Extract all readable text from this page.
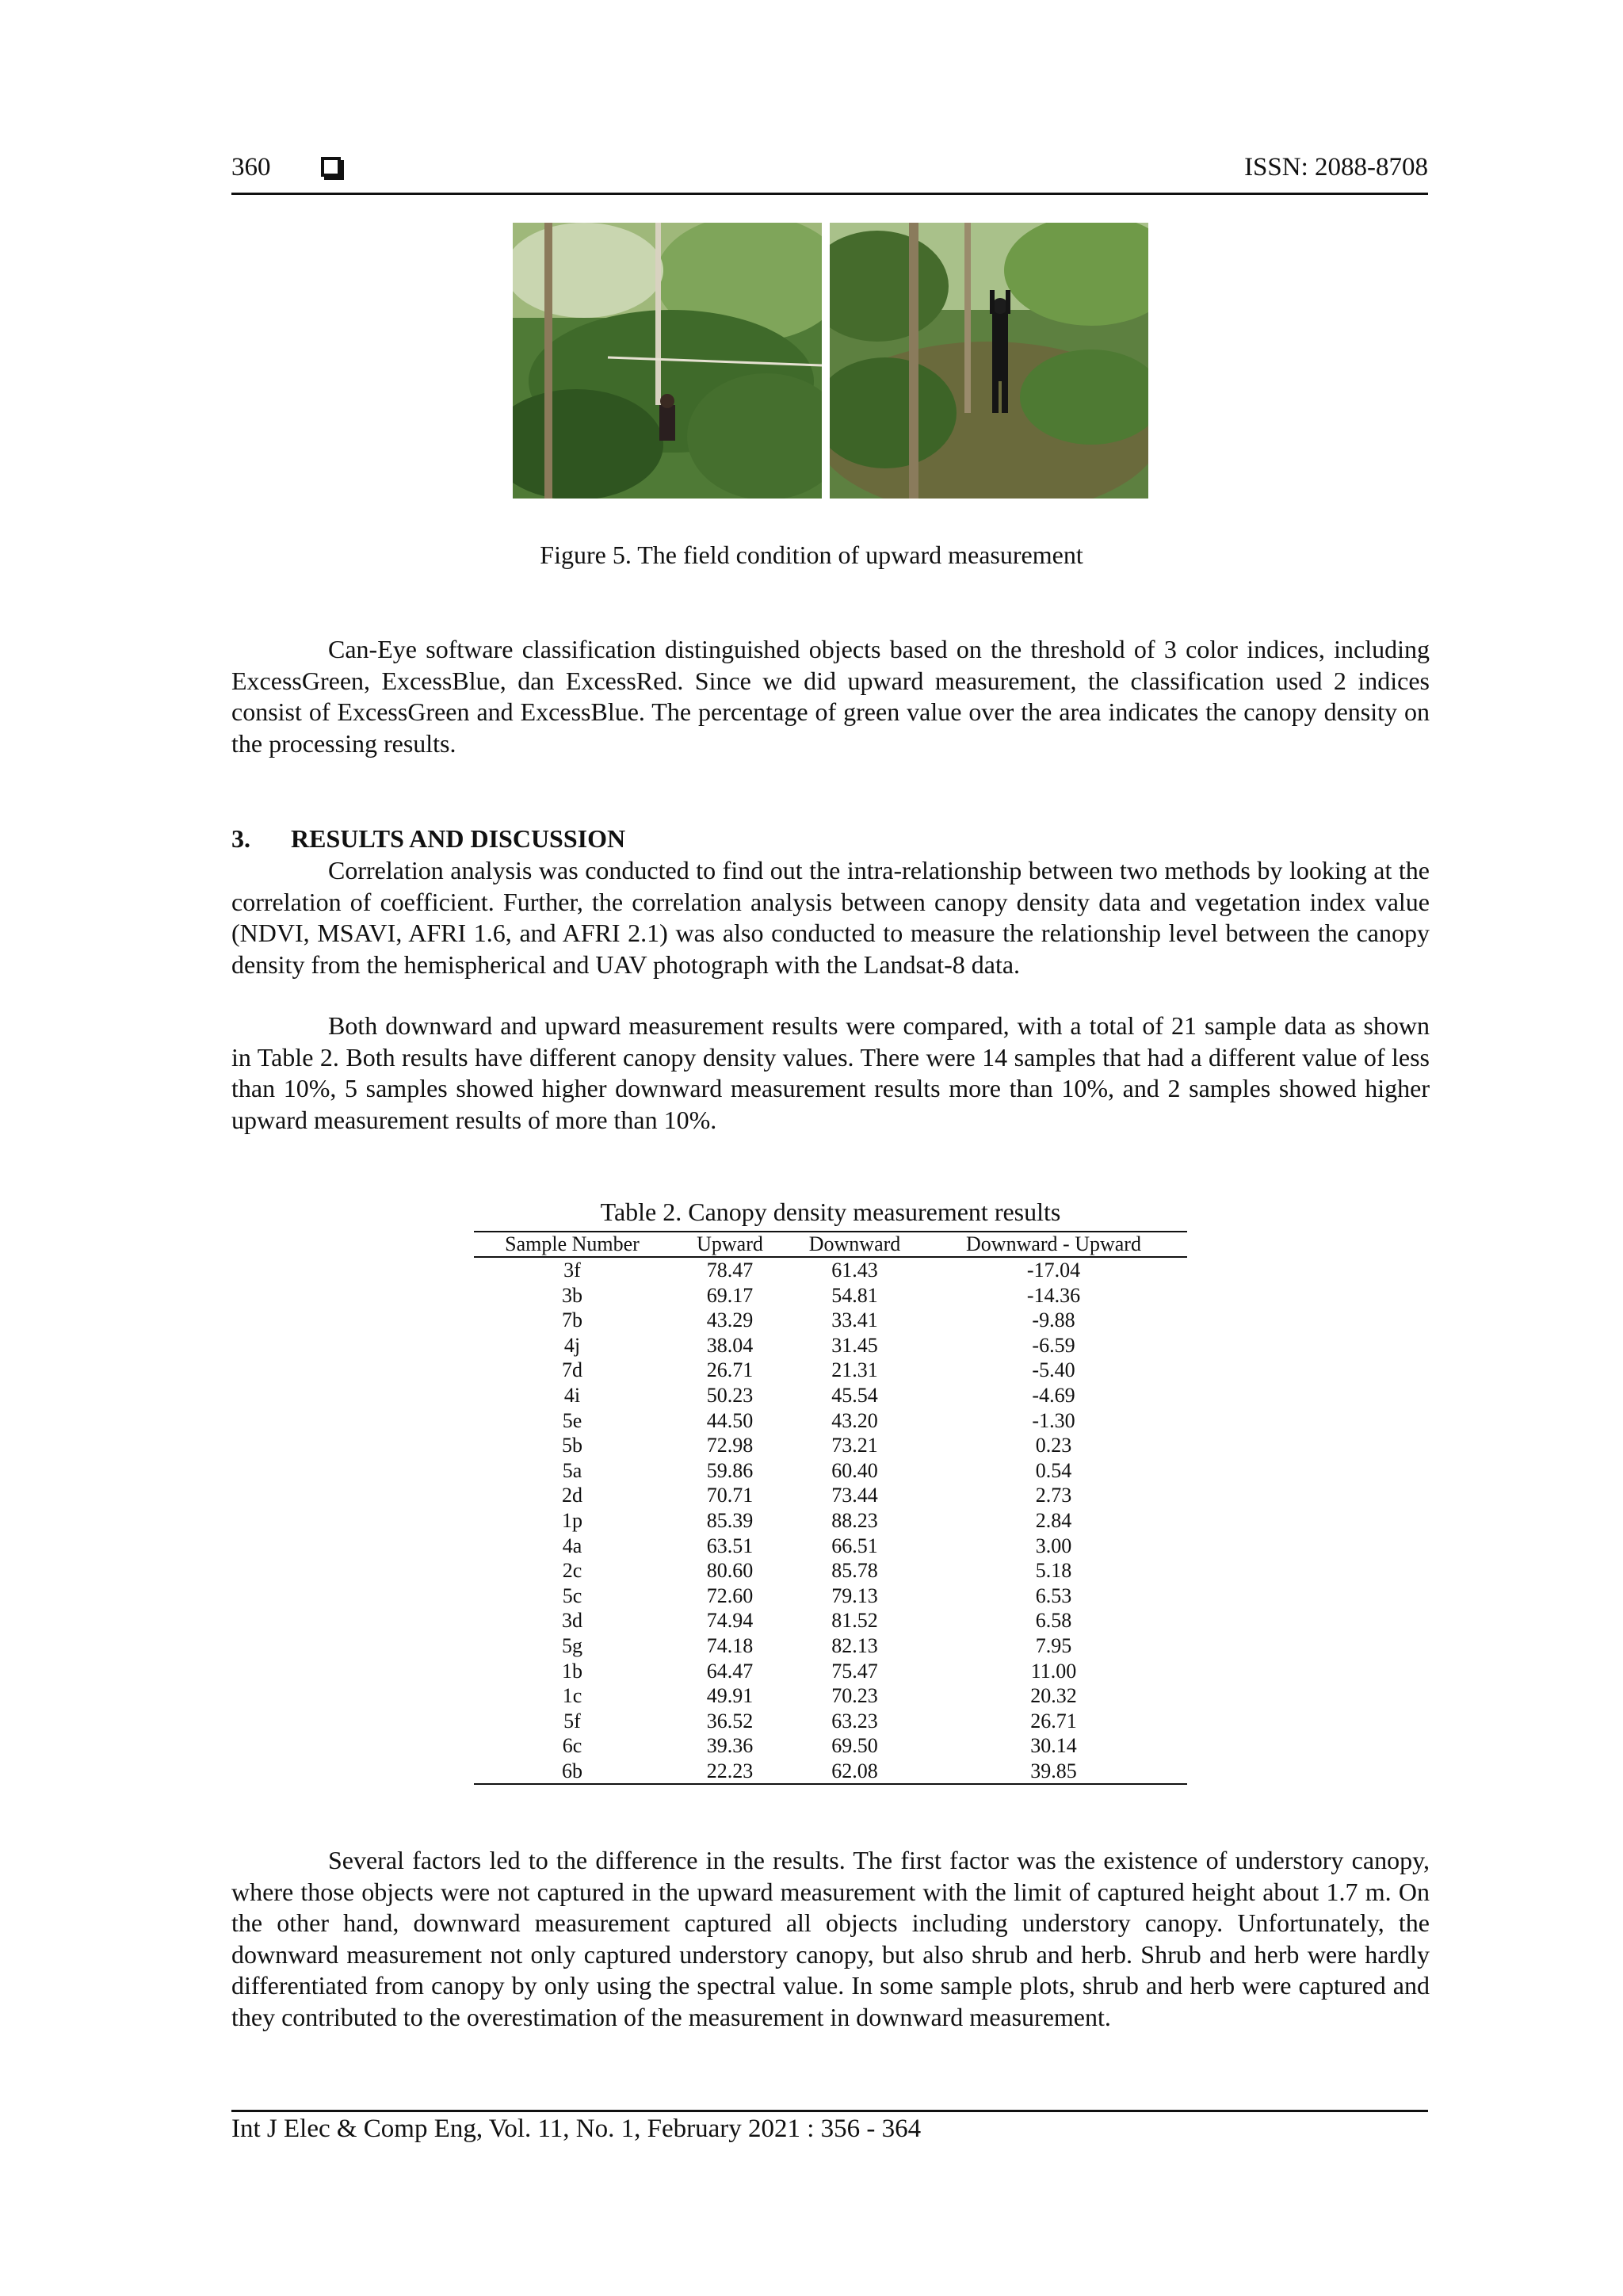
360	ISSN: 2088-8708
Figure 5. The field condition of upward measurement

Can-Eye software classification distinguished objects based on the threshold of 3 color indices, including ExcessGreen, ExcessBlue, dan ExcessRed. Since we did upward measurement, the classification used 2 indices consist of ExcessGreen and ExcessBlue. The percentage of green value over the area indicates the canopy density on the processing results.

3. RESULTS AND DISCUSSION

Correlation analysis was conducted to find out the intra-relationship between two methods by looking at the correlation of coefficient. Further, the correlation analysis between canopy density data and vegetation index value (NDVI, MSAVI, AFRI 1.6, and AFRI 2.1) was also conducted to measure the relationship level between the canopy density from the hemispherical and UAV photograph with the Landsat-8 data.

Both downward and upward measurement results were compared, with a total of 21 sample data as shown in Table 2. Both results have different canopy density values. There were 14 samples that had a different value of less than 10%, 5 samples showed higher downward measurement results more than 10%, and 2 samples showed higher upward measurement results of more than 10%.

Table 2. Canopy density measurement results
Sample Number	Upward	Downward	Downward - Upward
3f	78.47	61.43	-17.04
3b	69.17	54.81	-14.36
7b	43.29	33.41	-9.88
4j	38.04	31.45	-6.59
7d	26.71	21.31	-5.40
4i	50.23	45.54	-4.69
5e	44.50	43.20	-1.30
5b	72.98	73.21	0.23
5a	59.86	60.40	0.54
2d	70.71	73.44	2.73
1p	85.39	88.23	2.84
4a	63.51	66.51	3.00
2c	80.60	85.78	5.18
5c	72.60	79.13	6.53
3d	74.94	81.52	6.58
5g	74.18	82.13	7.95
1b	64.47	75.47	11.00
1c	49.91	70.23	20.32
5f	36.52	63.23	26.71
6c	39.36	69.50	30.14
6b	22.23	62.08	39.85

Several factors led to the difference in the results. The first factor was the existence of understory canopy, where those objects were not captured in the upward measurement with the limit of captured height about 1.7 m. On the other hand, downward measurement captured all objects including understory canopy. Unfortunately, the downward measurement not only captured understory canopy, but also shrub and herb. Shrub and herb were hardly differentiated from canopy by only using the spectral value. In some sample plots, shrub and herb were captured and they contributed to the overestimation of the measurement in downward measurement.

Int J Elec & Comp Eng, Vol. 11, No. 1, February 2021 : 356 - 364
